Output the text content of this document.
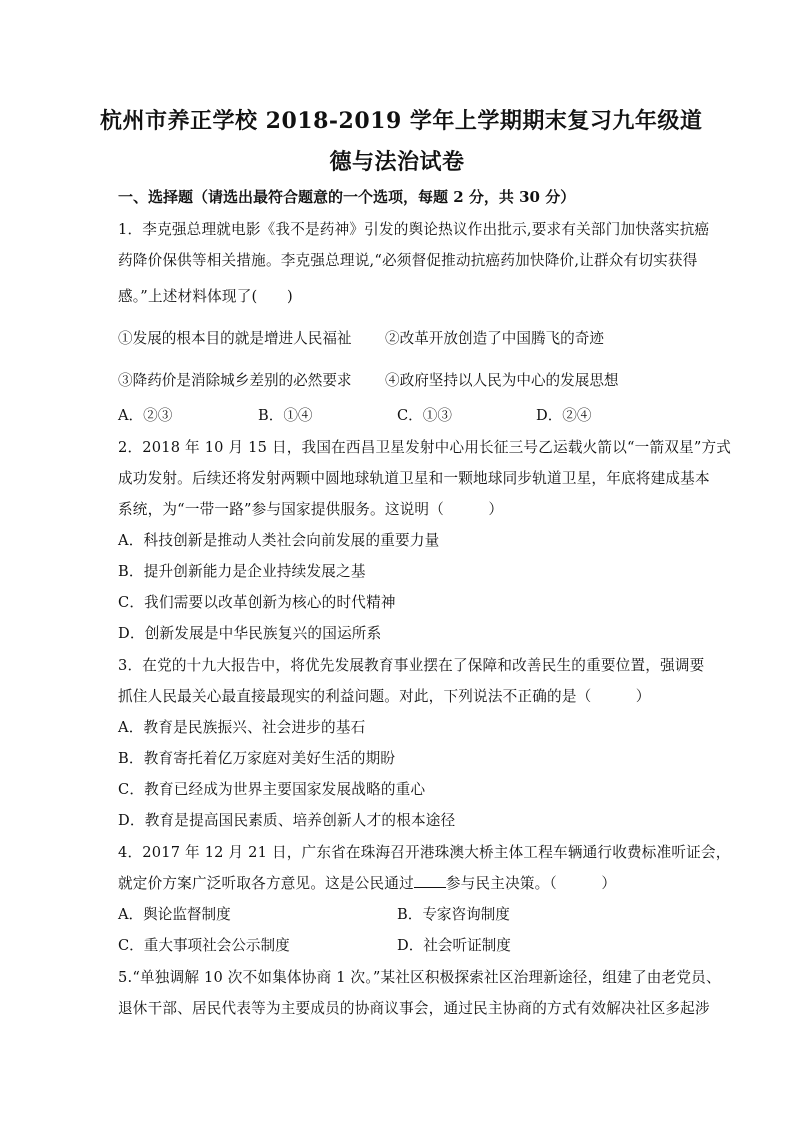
杭州市养正学校 2018-2019 学年上学期期末复习九年级道
德与法治试卷
一、选择题（请选出最符合题意的一个选项，每题 2 分，共 30 分）
1．李克强总理就电影《我不是药神》引发的舆论热议作出批示,要求有关部门加快落实抗癌
药降价保供等相关措施。李克强总理说,“必须督促推动抗癌药加快降价,让群众有切实获得
感。”上述材料体现了(　　)
①发展的根本目的就是增进人民福祉 ②改革开放创造了中国腾飞的奇迹
③降药价是消除城乡差别的必然要求 ④政府坚持以人民为中心的发展思想
A．②③	B．①④	C．①③	D．②④
2．2018 年 10 月 15 日，我国在西昌卫星发射中心用长征三号乙运载火箭以“一箭双星”方式
成功发射。后续还将发射两颗中圆地球轨道卫星和一颗地球同步轨道卫星，年底将建成基本
系统，为“一带一路”参与国家提供服务。这说明（　　　）
A．科技创新是推动人类社会向前发展的重要力量
B．提升创新能力是企业持续发展之基
C．我们需要以改革创新为核心的时代精神
D．创新发展是中华民族复兴的国运所系
3．在党的十九大报告中，将优先发展教育事业摆在了保障和改善民生的重要位置，强调要
抓住人民最关心最直接最现实的利益问题。对此，下列说法不正确的是（　　　）
A．教育是民族振兴、社会进步的基石
B．教育寄托着亿万家庭对美好生活的期盼
C．教育已经成为世界主要国家发展战略的重心
D．教育是提高国民素质、培养创新人才的根本途径
4．2017 年 12 月 21 日，广东省在珠海召开港珠澳大桥主体工程车辆通行收费标准听证会，
就定价方案广泛听取各方意见。这是公民通过 参与民主决策。（　　　）
A．舆论监督制度	B．专家咨询制度
C．重大事项社会公示制度	D．社会听证制度
5.“单独调解 10 次不如集体协商 1 次。”某社区积极探索社区治理新途径，组建了由老党员、
退休干部、居民代表等为主要成员的协商议事会，通过民主协商的方式有效解决社区多起涉
